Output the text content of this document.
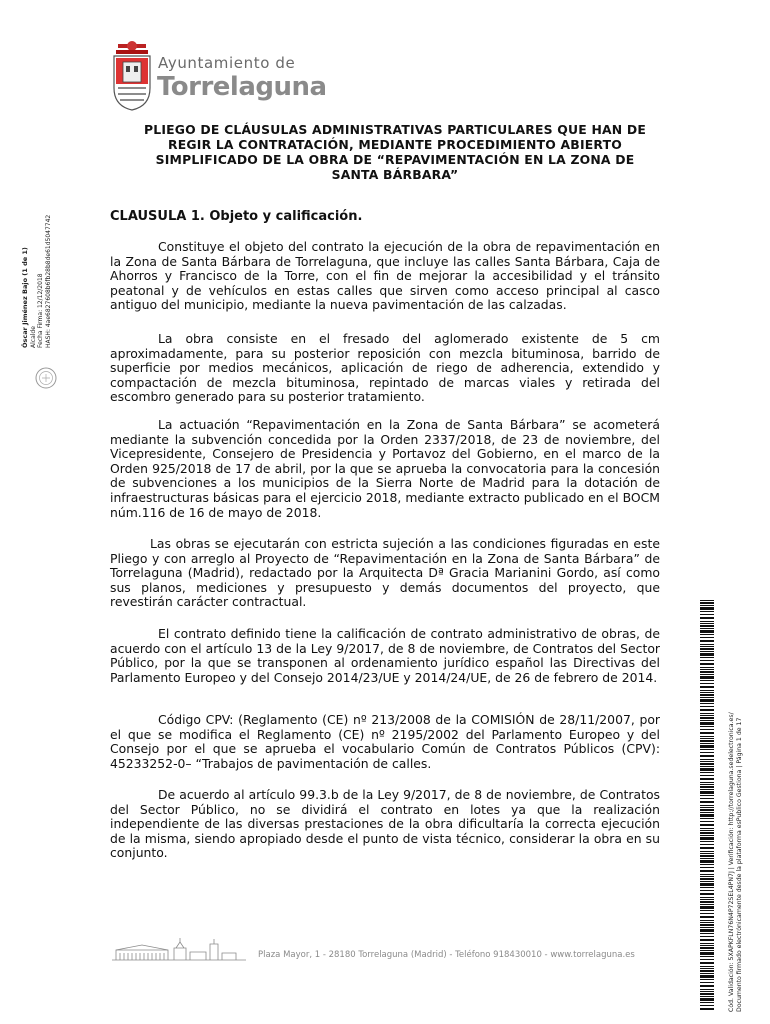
Ayuntamiento de
Torrelaguna
Óscar Jiménez Bajo (1 de 1) Alcalde Fecha Firma: 12/12/2018 HASH: 4ae6827608b6fb28b8de61d5047742
PLIEGO DE CLÁUSULAS ADMINISTRATIVAS PARTICULARES QUE HAN DE REGIR LA CONTRATACIÓN, MEDIANTE PROCEDIMIENTO ABIERTO SIMPLIFICADO DE LA OBRA DE “REPAVIMENTACIÓN EN LA ZONA DE SANTA BÁRBARA”
CLAUSULA 1. Objeto y calificación.
Constituye el objeto del contrato la ejecución de la obra de repavimentación en la Zona de Santa Bárbara de Torrelaguna, que incluye las calles Santa Bárbara, Caja de Ahorros y Francisco de la Torre, con el fin de mejorar la accesibilidad y el tránsito peatonal y de vehículos en estas calles que sirven como acceso principal al casco antiguo del municipio, mediante la nueva pavimentación de las calzadas.
La obra consiste en el fresado del aglomerado existente de 5 cm aproximadamente, para su posterior reposición con mezcla bituminosa, barrido de superficie por medios mecánicos, aplicación de riego de adherencia, extendido y compactación de mezcla bituminosa, repintado de marcas viales y retirada del escombro generado para su posterior tratamiento.
La actuación “Repavimentación en la Zona de Santa Bárbara” se acometerá mediante la subvención concedida por la Orden 2337/2018, de 23 de noviembre, del Vicepresidente, Consejero de Presidencia y Portavoz del Gobierno, en el marco de la Orden 925/2018 de 17 de abril, por la que se aprueba la convocatoria para la concesión de subvenciones a los municipios de la Sierra Norte de Madrid para la dotación de infraestructuras básicas para el ejercicio 2018, mediante extracto publicado en el BOCM núm.116 de 16 de mayo de 2018.
Las obras se ejecutarán con estricta sujeción a las condiciones figuradas en este Pliego y con arreglo al Proyecto de “Repavimentación en la Zona de Santa Bárbara” de Torrelaguna (Madrid), redactado por la Arquitecta Dª Gracia Marianini Gordo, así como sus planos, mediciones y presupuesto y demás documentos del proyecto, que revestirán carácter contractual.
El contrato definido tiene la calificación de contrato administrativo de obras, de acuerdo con el artículo 13 de la Ley 9/2017, de 8 de noviembre, de Contratos del Sector Público, por la que se transponen al ordenamiento jurídico español las Directivas del Parlamento Europeo y del Consejo 2014/23/UE y 2014/24/UE, de 26 de febrero de 2014.
Código CPV: (Reglamento (CE) nº 213/2008 de la COMISIÓN de 28/11/2007, por el que se modifica el Reglamento (CE) nº 2195/2002 del Parlamento Europeo y del Consejo por el que se aprueba el vocabulario Común de Contratos Públicos (CPV): 45233252-0– “Trabajos de pavimentación de calles.
De acuerdo al artículo 99.3.b de la Ley 9/2017, de 8 de noviembre, de Contratos del Sector Público, no se dividirá el contrato en lotes ya que la realización independiente de las diversas prestaciones de la obra dificultaría la correcta ejecución de la misma, siendo apropiado desde el punto de vista técnico, considerar la obra en su conjunto.	Cód. Validación: 5XAPKFLN76N4P72SEL4PN7J | Verificación: http://torrelaguna.sedelectronica.es/ Documento firmado electrónicamente desde la plataforma esPublico Gestiona | Página 1 de 17
Plaza Mayor, 1 - 28180 Torrelaguna (Madrid) - Teléfono 918430010 - www.torrelaguna.es
